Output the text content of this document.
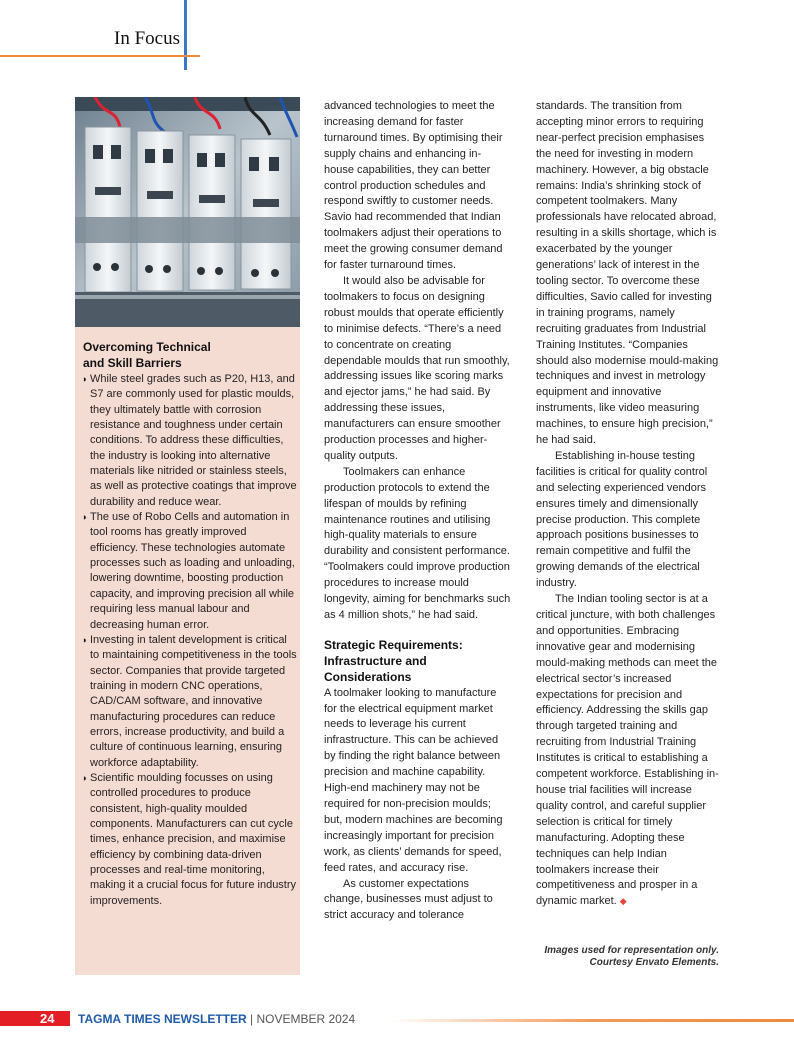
In Focus
Overcoming Technical
and Skill Barriers
◗ While steel grades such as P20, H13, and S7 are commonly used for plastic moulds, they ultimately battle with corrosion resistance and toughness under certain conditions. To address these difficulties, the industry is looking into alternative materials like nitrided or stainless steels, as well as protective coatings that improve durability and reduce wear.
◗ The use of Robo Cells and automation in tool rooms has greatly improved efficiency. These technologies automate processes such as loading and unloading, lowering downtime, boosting production capacity, and improving precision all while requiring less manual labour and decreasing human error.
◗ Investing in talent development is critical to maintaining competitiveness in the tools sector. Companies that provide targeted training in modern CNC operations, CAD/CAM software, and innovative manufacturing procedures can reduce errors, increase productivity, and build a culture of continuous learning, ensuring workforce adaptability.
◗ Scientific moulding focusses on using controlled procedures to produce consistent, high-quality moulded components. Manufacturers can cut cycle times, enhance precision, and maximise efficiency by combining data-driven processes and real-time monitoring, making it a crucial focus for future industry improvements.

advanced technologies to meet the increasing demand for faster turnaround times. By optimising their supply chains and enhancing in-house capabilities, they can better control production schedules and respond swiftly to customer needs. Savio had recommended that Indian toolmakers adjust their operations to meet the growing consumer demand for faster turnaround times.

It would also be advisable for toolmakers to focus on designing robust moulds that operate efficiently to minimise defects. “There’s a need to concentrate on creating dependable moulds that run smoothly, addressing issues like scoring marks and ejector jams,” he had said. By addressing these issues, manufacturers can ensure smoother production processes and higher-quality outputs.

Toolmakers can enhance production protocols to extend the lifespan of moulds by refining maintenance routines and utilising high-quality materials to ensure durability and consistent performance. “Toolmakers could improve production procedures to increase mould longevity, aiming for benchmarks such as 4 million shots,” he had said.

Strategic Requirements:
Infrastructure and
Considerations

A toolmaker looking to manufacture for the electrical equipment market needs to leverage his current infrastructure. This can be achieved by finding the right balance between precision and machine capability. High-end machinery may not be required for non-precision moulds; but, modern machines are becoming increasingly important for precision work, as clients’ demands for speed, feed rates, and accuracy rise.

As customer expectations change, businesses must adjust to strict accuracy and tolerance

standards. The transition from accepting minor errors to requiring near-perfect precision emphasises the need for investing in modern machinery. However, a big obstacle remains: India’s shrinking stock of competent toolmakers. Many professionals have relocated abroad, resulting in a skills shortage, which is exacerbated by the younger generations’ lack of interest in the tooling sector. To overcome these difficulties, Savio called for investing in training programs, namely recruiting graduates from Industrial Training Institutes. “Companies should also modernise mould-making techniques and invest in metrology equipment and innovative instruments, like video measuring machines, to ensure high precision,” he had said.

Establishing in-house testing facilities is critical for quality control and selecting experienced vendors ensures timely and dimensionally precise production. This complete approach positions businesses to remain competitive and fulfil the growing demands of the electrical industry.

The Indian tooling sector is at a critical juncture, with both challenges and opportunities. Embracing innovative gear and modernising mould-making methods can meet the electrical sector’s increased expectations for precision and efficiency. Addressing the skills gap through targeted training and recruiting from Industrial Training Institutes is critical to establishing a competent workforce. Establishing in-house trial facilities will increase quality control, and careful supplier selection is critical for timely manufacturing. Adopting these techniques can help Indian toolmakers increase their competitiveness and prosper in a dynamic market. ◆

Images used for representation only.
Courtesy Envato Elements.
24 TAGMA TIMES NEWSLETTER | NOVEMBER 2024
